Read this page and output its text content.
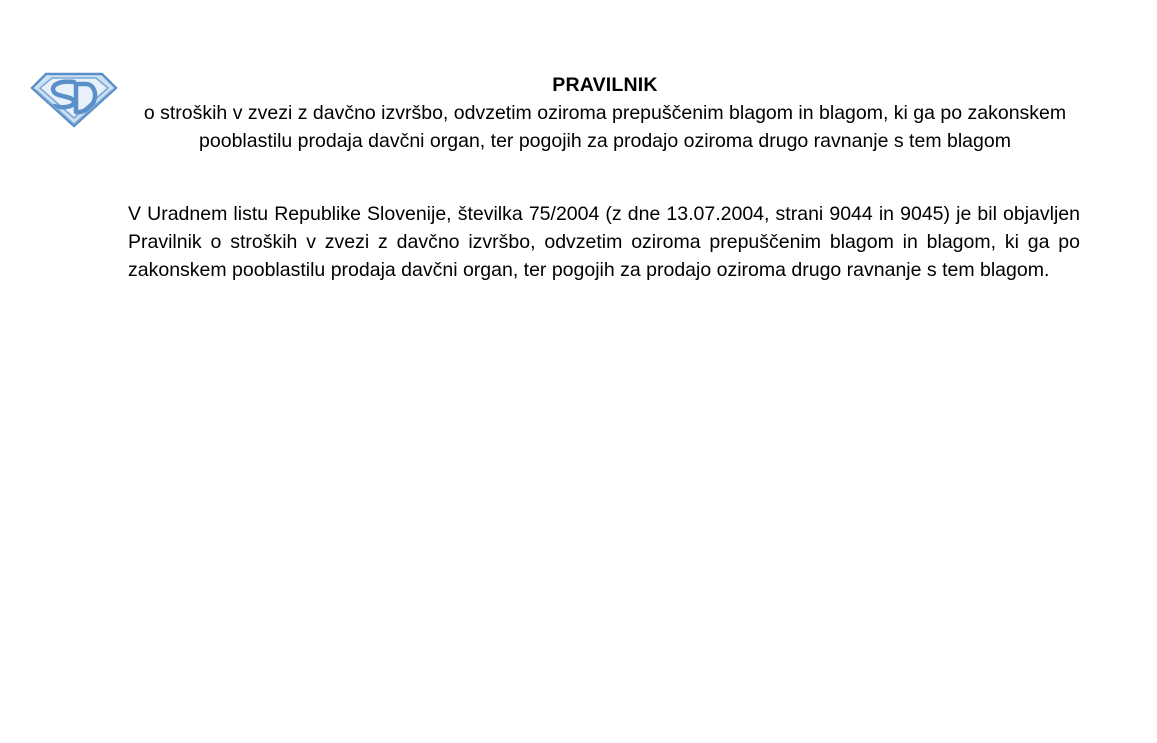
PRAVILNIK
o stroških v zvezi z davčno izvršbo, odvzetim oziroma prepuščenim blagom in blagom, ki ga po zakonskem pooblastilu prodaja davčni organ, ter pogojih za prodajo oziroma drugo ravnanje s tem blagom

V Uradnem listu Republike Slovenije, številka 75/2004 (z dne 13.07.2004, strani 9044 in 9045) je bil objavljen Pravilnik o stroških v zvezi z davčno izvršbo, odvzetim oziroma prepuščenim blagom in blagom, ki ga po zakonskem pooblastilu prodaja davčni organ, ter pogojih za prodajo oziroma drugo ravnanje s tem blagom.
